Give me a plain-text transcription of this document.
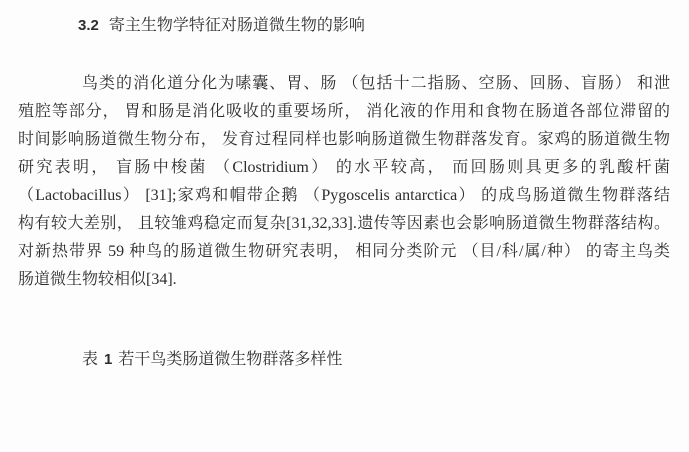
3.2 寄主生物学特征对肠道微生物的影响
鸟类的消化道分化为嗉囊、胃、肠 （包括十二指肠、空肠、回肠、盲肠） 和泄
殖腔等部分， 胃和肠是消化吸收的重要场所， 消化液的作用和食物在肠道各部位滞留的
时间影响肠道微生物分布， 发育过程同样也影响肠道微生物群落发育。家鸡的肠道微生物
研究表明， 盲肠中梭菌 （Clostridium） 的水平较高， 而回肠则具更多的乳酸杆菌
（Lactobacillus） [31];家鸡和帽带企鹅 （Pygoscelis antarctica） 的成鸟肠道微生物群落结
构有较大差别， 且较雏鸡稳定而复杂[31,32,33].遗传等因素也会影响肠道微生物群落结构。
对新热带界 59 种鸟的肠道微生物研究表明， 相同分类阶元 （目/科/属/种） 的寄主鸟类
肠道微生物较相似[34].
表 1 若干鸟类肠道微生物群落多样性
